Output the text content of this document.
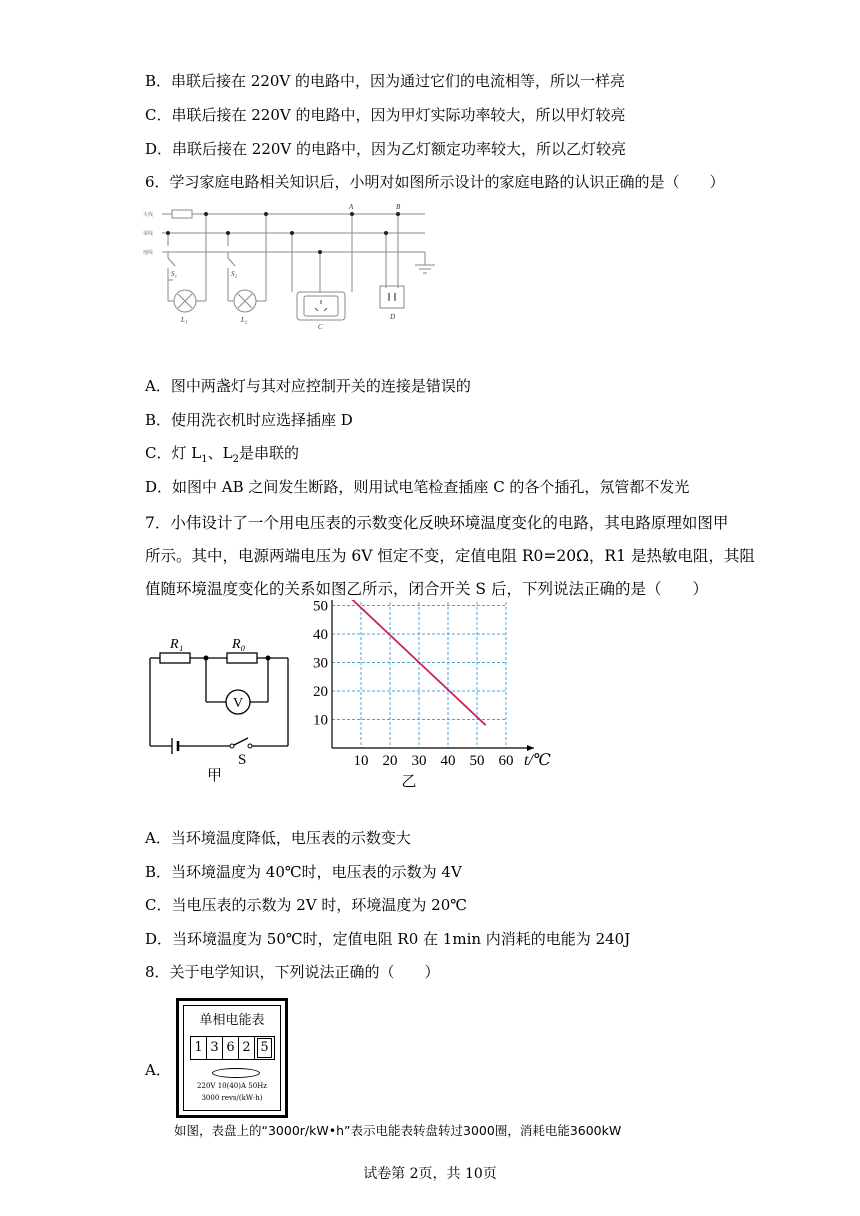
B．串联后接在 220V 的电路中，因为通过它们的电流相等，所以一样亮
C．串联后接在 220V 的电路中，因为甲灯实际功率较大，所以甲灯较亮
D．串联后接在 220V 的电路中，因为乙灯额定功率较大，所以乙灯较亮
6．学习家庭电路相关知识后，小明对如图所示设计的家庭电路的认识正确的是（　　）
火线
零线
地线
A	B
S₁	S₂
L₁	L₂
C
D
A．图中两盏灯与其对应控制开关的连接是错误的
B．使用洗衣机时应选择插座 D
C．灯 $L_1$、$L_2$是串联的
D．如图中 AB 之间发生断路，则用试电笔检查插座 C 的各个插孔，氖管都不发光
7．小伟设计了一个用电压表的示数变化反映环境温度变化的电路，其电路原理如图甲
所示。其中，电源两端电压为 6V 恒定不变，定值电阻 R0=20Ω，R1 是热敏电阻，其阻
值随环境温度变化的关系如图乙所示，闭合开关 S 后，下列说法正确的是（　　）
R₁	R₀
V
S
甲
10 20 30 40 50 60
10
20
30
40
50
t/℃
乙
A．当环境温度降低，电压表的示数变大
B．当环境温度为 40℃时，电压表的示数为 4V
C．当电压表的示数为 2V 时，环境温度为 20℃
D．当环境温度为 50℃时，定值电阻 R0 在 1min 内消耗的电能为 240J
8．关于电学知识，下列说法正确的（　　）
A．
单相电能表
1 3 6 2 5
220V 10(40)A 50Hz
3000 revs/(kW·h)
如图，表盘上的“3000r/kW•h”表示电能表转盘转过3000圈，消耗电能3600kW
试卷第 2页，共 10页
